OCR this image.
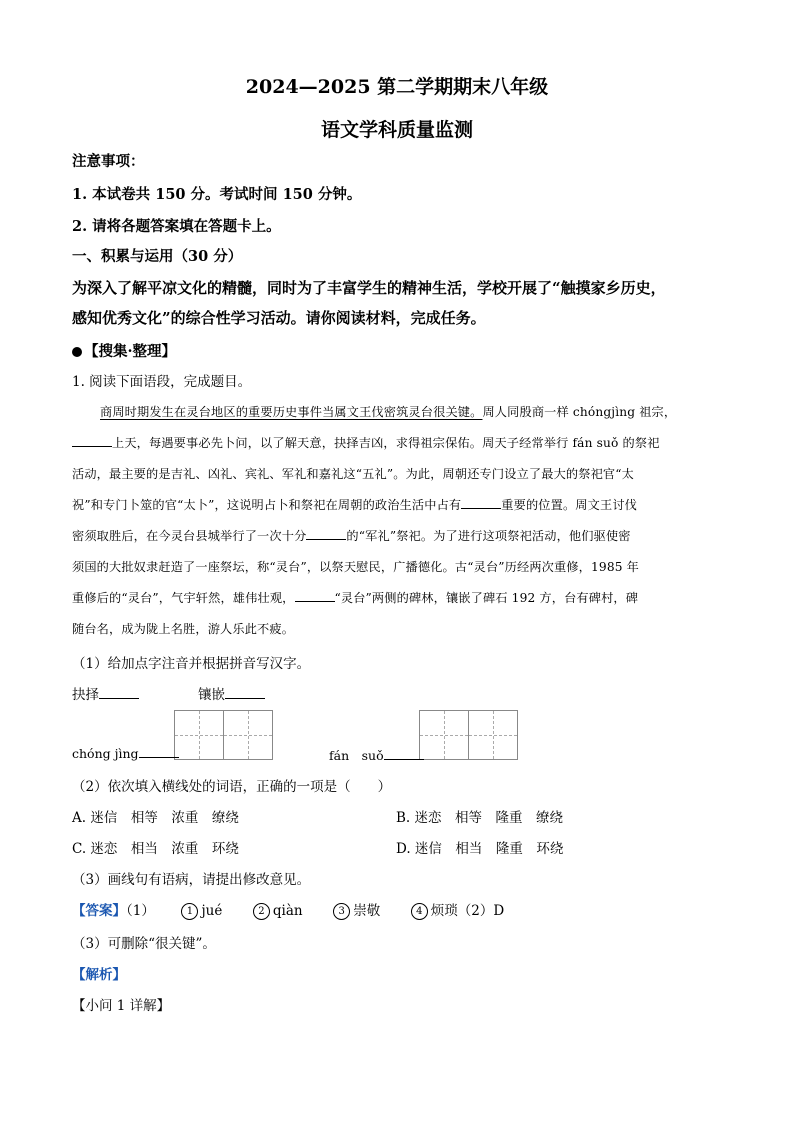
2024—2025 第二学期期末八年级
语文学科质量监测
注意事项：
1. 本试卷共 150 分。考试时间 150 分钟。
2. 请将各题答案填在答题卡上。
一、积累与运用（30 分）
为深入了解平凉文化的精髓，同时为了丰富学生的精神生活，学校开展了“触摸家乡历史，
感知优秀文化”的综合性学习活动。请你阅读材料，完成任务。
【搜集·整理】
1. 阅读下面语段，完成题目。
商周时期发生在灵台地区的重要历史事件当属文王伐密筑灵台很关键。周人同殷商一样 chóngjìng 祖宗，
上天，每遇要事必先卜问，以了解天意，抉择吉凶，求得祖宗保佑。周天子经常举行 fán suǒ 的祭祀
活动，最主要的是吉礼、凶礼、宾礼、军礼和嘉礼这“五礼”。为此，周朝还专门设立了最大的祭祀官“太
祝”和专门卜筮的官“太卜”，这说明占卜和祭祀在周朝的政治生活中占有	重要的位置。周文王讨伐
密须取胜后，在今灵台县城举行了一次十分	的“军礼”祭祀。为了进行这项祭祀活动，他们驱使密
须国的大批奴隶赶造了一座祭坛，称“灵台”，以祭天慰民，广播德化。古“灵台”历经两次重修，1985 年
重修后的“灵台”，气宇轩然，雄伟壮观，	“灵台”两侧的碑林，镶嵌了碑石 192 方，台有碑村，碑
随台名，成为陇上名胜，游人乐此不疲。
（1）给加点字注音并根据拼音写汉字。
抉择	镶嵌
chóng jìng	fán　suǒ
（2）依次填入横线处的词语，正确的一项是（　　）
A. 迷信　相等　浓重　缭绕	B. 迷恋　相等　隆重　缭绕
C. 迷恋　相当　浓重　环绕	D. 迷信　相当　隆重　环绕
（3）画线句有语病，请提出修改意见。
【答案】（1）	1 jué	2 qiàn	3 崇敬	4 烦琐（2）D
（3）可删除“很关键”。
【解析】
【小问 1 详解】
